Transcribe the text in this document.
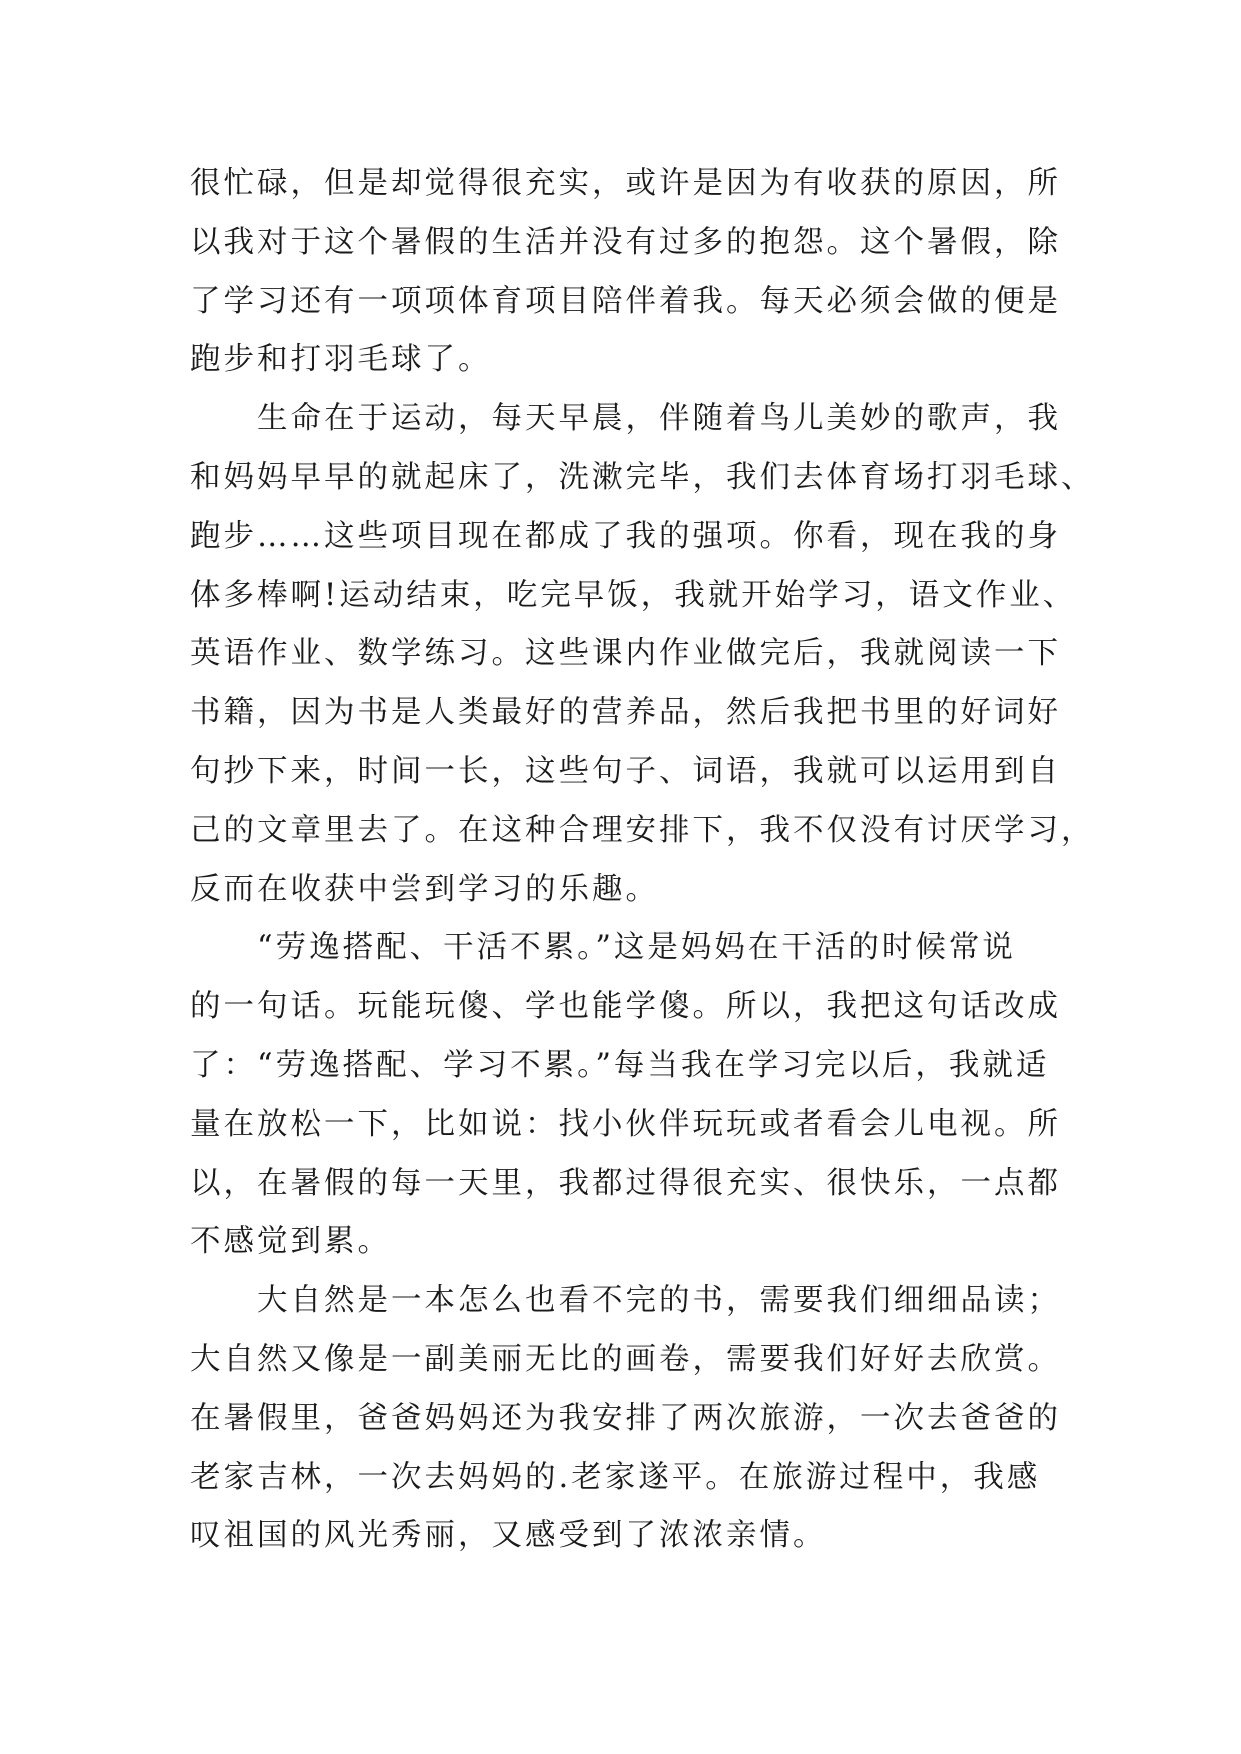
很忙碌，但是却觉得很充实，或许是因为有收获的原因，所
以我对于这个暑假的生活并没有过多的抱怨。这个暑假，除
了学习还有一项项体育项目陪伴着我。每天必须会做的便是
跑步和打羽毛球了。
生命在于运动，每天早晨，伴随着鸟儿美妙的歌声，我
和妈妈早早的就起床了，洗漱完毕，我们去体育场打羽毛球、
跑步……这些项目现在都成了我的强项。你看，现在我的身
体多棒啊!运动结束，吃完早饭，我就开始学习，语文作业、
英语作业、数学练习。这些课内作业做完后，我就阅读一下
书籍，因为书是人类最好的营养品，然后我把书里的好词好
句抄下来，时间一长，这些句子、词语，我就可以运用到自
己的文章里去了。在这种合理安排下，我不仅没有讨厌学习，
反而在收获中尝到学习的乐趣。
“劳逸搭配、干活不累。”这是妈妈在干活的时候常说
的一句话。玩能玩傻、学也能学傻。所以，我把这句话改成
了：“劳逸搭配、学习不累。”每当我在学习完以后，我就适
量在放松一下，比如说：找小伙伴玩玩或者看会儿电视。所
以，在暑假的每一天里，我都过得很充实、很快乐，一点都
不感觉到累。
大自然是一本怎么也看不完的书，需要我们细细品读；
大自然又像是一副美丽无比的画卷，需要我们好好去欣赏。
在暑假里，爸爸妈妈还为我安排了两次旅游，一次去爸爸的
老家吉林，一次去妈妈的.老家遂平。在旅游过程中，我感
叹祖国的风光秀丽，又感受到了浓浓亲情。
